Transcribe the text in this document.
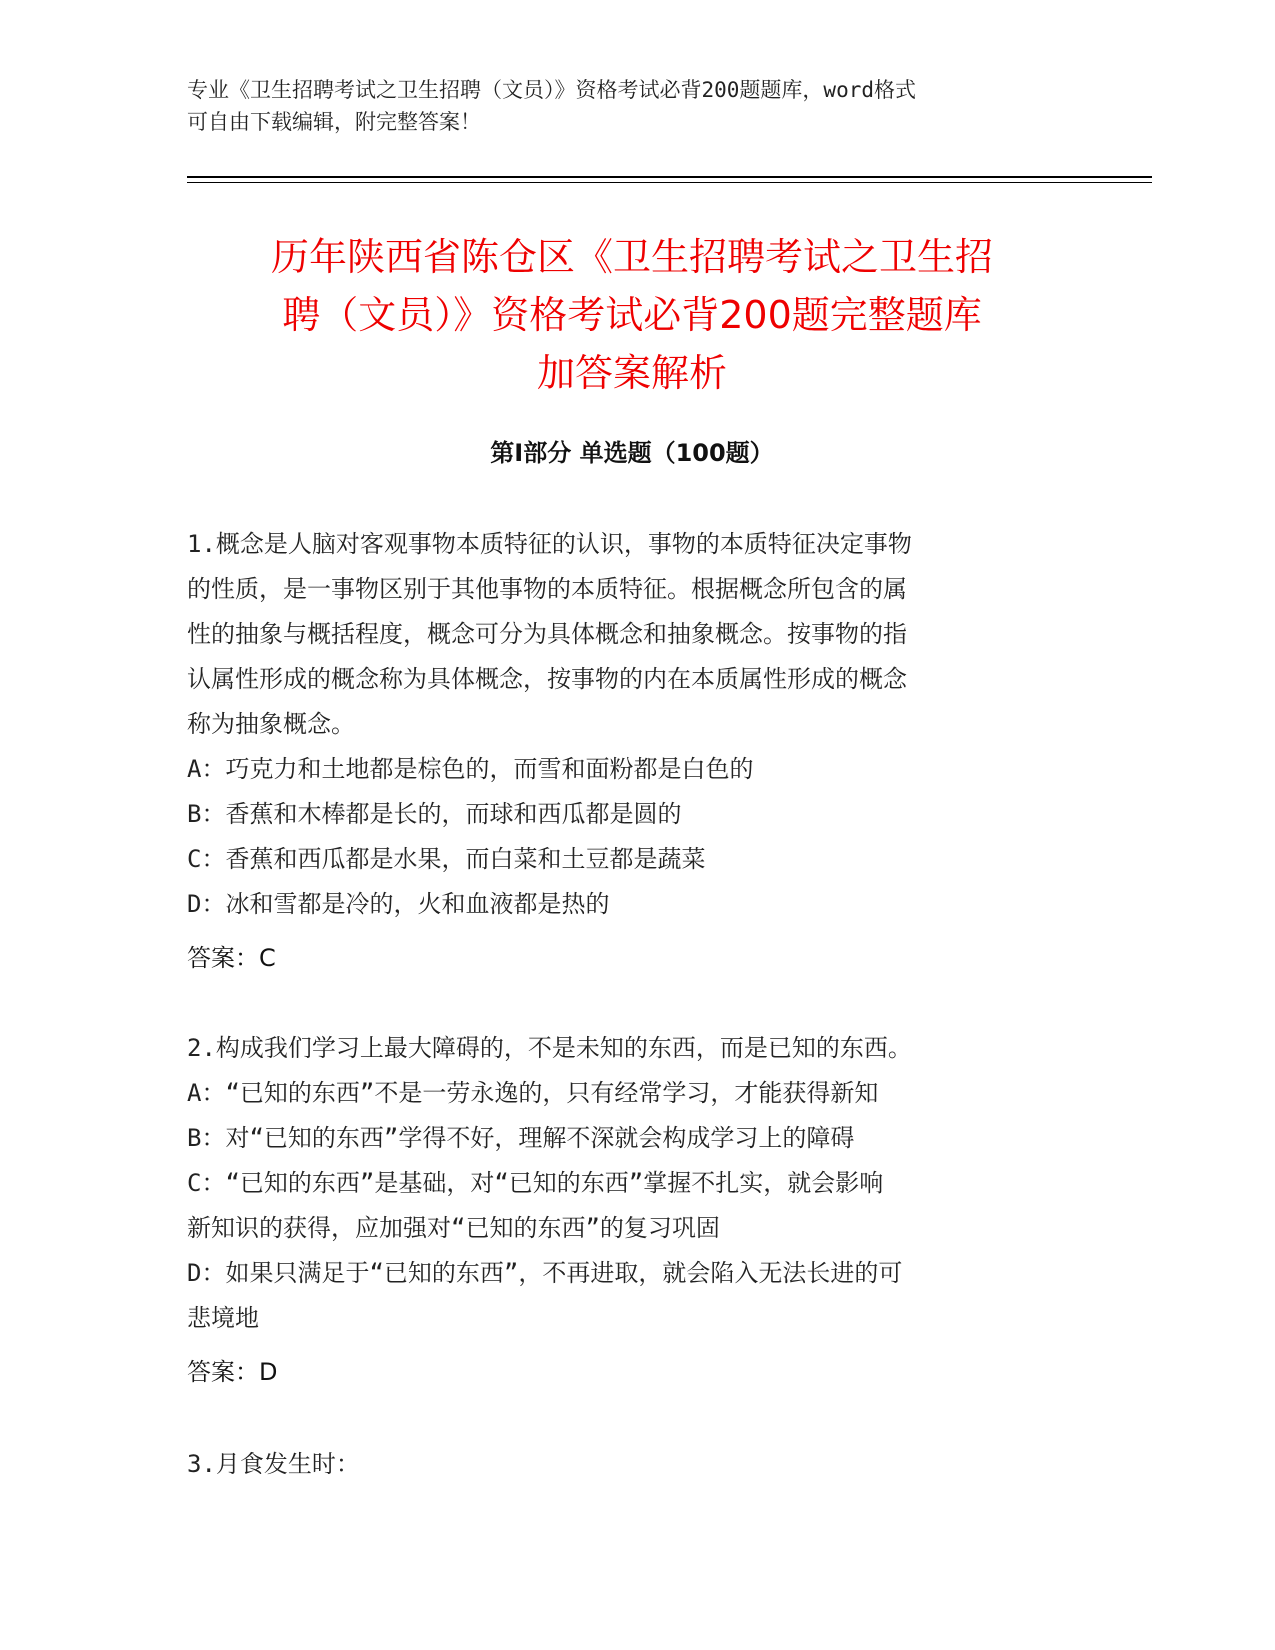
专业《卫生招聘考试之卫生招聘（文员）》资格考试必背200题题库，word格式

可自由下载编辑，附完整答案！

历年陕西省陈仓区《卫生招聘考试之卫生招
聘（文员）》资格考试必背200题完整题库
加答案解析
第Ⅰ部分 单选题（100题）

1.概念是人脑对客观事物本质特征的认识，事物的本质特征决定事物

的性质，是一事物区别于其他事物的本质特征。根据概念所包含的属

性的抽象与概括程度，概念可分为具体概念和抽象概念。按事物的指

认属性形成的概念称为具体概念，按事物的内在本质属性形成的概念

称为抽象概念。

A：巧克力和土地都是棕色的，而雪和面粉都是白色的

B：香蕉和木棒都是长的，而球和西瓜都是圆的

C：香蕉和西瓜都是水果，而白菜和土豆都是蔬菜

D：冰和雪都是冷的，火和血液都是热的

答案：C

2.构成我们学习上最大障碍的，不是未知的东西，而是已知的东西。

A：“已知的东西”不是一劳永逸的，只有经常学习，才能获得新知

B：对“已知的东西”学得不好，理解不深就会构成学习上的障碍

C：“已知的东西”是基础，对“已知的东西”掌握不扎实，就会影响

新知识的获得，应加强对“已知的东西”的复习巩固

D：如果只满足于“已知的东西”，不再进取，就会陷入无法长进的可

悲境地

答案：D

3.月食发生时：
